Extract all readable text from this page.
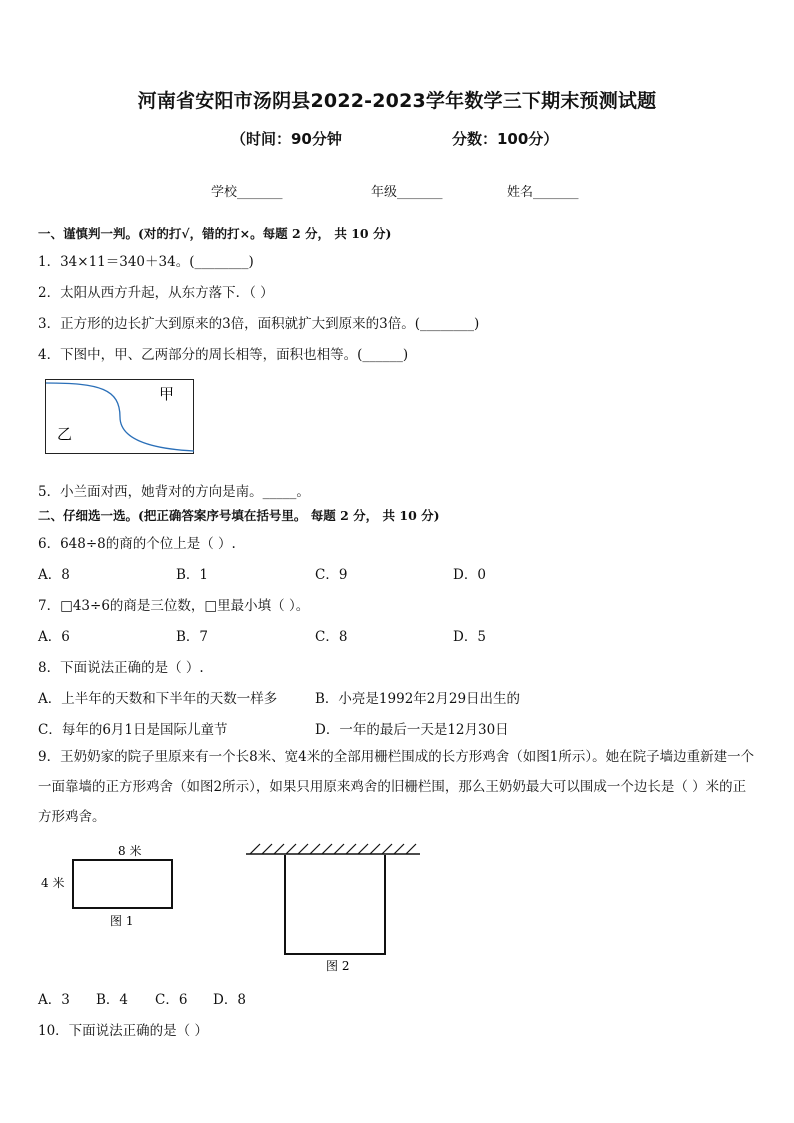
河南省安阳市汤阴县2022-2023学年数学三下期末预测试题
（时间：90分钟	分数：100分）
学校_______	年级_______	姓名_______
一、谨慎判一判。(对的打√，错的打×。每题 2 分， 共 10 分)
1．34×11＝340＋34。(________)
2．太阳从西方升起，从东方落下．（ ）
3．正方形的边长扩大到原来的3倍，面积就扩大到原来的3倍。(________)
4．下图中，甲、乙两部分的周长相等，面积也相等。(______)
甲
乙
5．小兰面对西，她背对的方向是南。_____。
二、仔细选一选。(把正确答案序号填在括号里。 每题 2 分， 共 10 分)
6．648÷8的商的个位上是（ ）.
A．8	B．1	C．9	D．0
7．□43÷6的商是三位数，□里最小填（ ）。
A．6	B．7	C．8	D．5
8．下面说法正确的是（ ）.
A．上半年的天数和下半年的天数一样多	B．小亮是1992年2月29日出生的
C．每年的6月1日是国际儿童节	D．一年的最后一天是12月30日
9．王奶奶家的院子里原来有一个长8米、宽4米的全部用栅栏围成的长方形鸡舍（如图1所示）。她在院子墙边重新建一个一面靠墙的正方形鸡舍（如图2所示），如果只用原来鸡舍的旧栅栏围，那么王奶奶最大可以围成一个边长是（ ）米的正方形鸡舍。
8 米
4 米
图 1
图 2
A．3 B．4 C．6 D．8
10．下面说法正确的是（ ）
